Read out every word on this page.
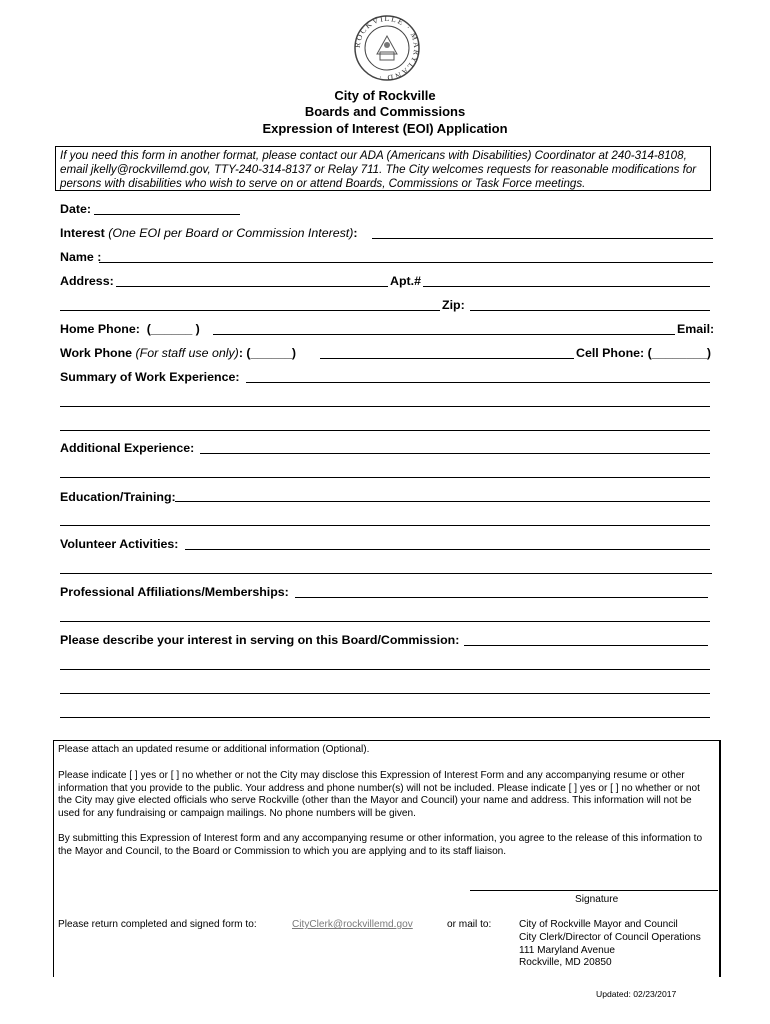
ROCKVILLE · MARYLAND ·
City of Rockville
Boards and Commissions
Expression of Interest (EOI) Application
If you need this form in another format, please contact our ADA (Americans with Disabilities) Coordinator at 240-314-8108, email jkelly@rockvillemd.gov, TTY-240-314-8137 or Relay 711. The City welcomes requests for reasonable modifications for persons with disabilities who wish to serve on or attend Boards, Commissions or Task Force meetings.
Date:
Interest (One EOI per Board or Commission Interest):
Name :
Address:	Apt.#
Zip:
Home Phone: (______ )	Email:
Work Phone (For staff use only): (______)	Cell Phone: (________)
Summary of Work Experience:
Additional Experience:
Education/Training:
Volunteer Activities:
Professional Affiliations/Memberships:
Please describe your interest in serving on this Board/Commission:
Please attach an updated resume or additional information (Optional).
Please indicate [ ] yes or [ ] no whether or not the City may disclose this Expression of Interest Form and any accompanying resume or other information that you provide to the public. Your address and phone number(s) will not be included. Please indicate [ ] yes or [ ] no whether or not the City may give elected officials who serve Rockville (other than the Mayor and Council) your name and address. This information will not be used for any fundraising or campaign mailings. No phone numbers will be given.
By submitting this Expression of Interest form and any accompanying resume or other information, you agree to the release of this information to the Mayor and Council, to the Board or Commission to which you are applying and to its staff liaison.
Signature
Please return completed and signed form to:	CityClerk@rockvillemd.gov	or mail to:	City of Rockville Mayor and Council
City Clerk/Director of Council Operations
111 Maryland Avenue
Rockville, MD 20850
Updated: 02/23/2017
